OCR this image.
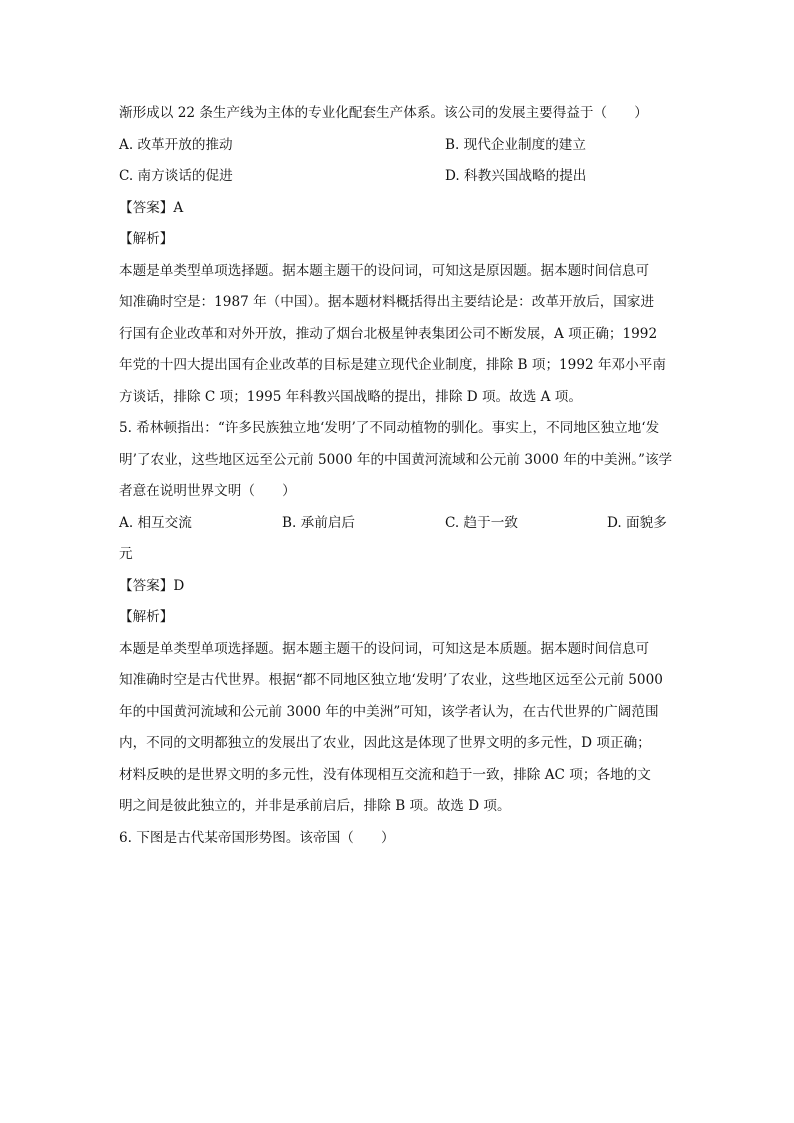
渐形成以 22 条生产线为主体的专业化配套生产体系。该公司的发展主要得益于（　　）
A. 改革开放的推动	B. 现代企业制度的建立
C. 南方谈话的促进	D. 科教兴国战略的提出
【答案】A
【解析】
本题是单类型单项选择题。据本题主题干的设问词，可知这是原因题。据本题时间信息可
知准确时空是：1987 年（中国）。据本题材料概括得出主要结论是：改革开放后，国家进
行国有企业改革和对外开放，推动了烟台北极星钟表集团公司不断发展，A 项正确；1992
年党的十四大提出国有企业改革的目标是建立现代企业制度，排除 B 项；1992 年邓小平南
方谈话，排除 C 项；1995 年科教兴国战略的提出，排除 D 项。故选 A 项。
5. 希林顿指出：“许多民族独立地‘发明’了不同动植物的驯化。事实上，不同地区独立地‘发
明’了农业，这些地区远至公元前 5000 年的中国黄河流域和公元前 3000 年的中美洲。”该学
者意在说明世界文明（　　）
A. 相互交流	B. 承前启后	C. 趋于一致	D. 面貌多
元
【答案】D
【解析】
本题是单类型单项选择题。据本题主题干的设问词，可知这是本质题。据本题时间信息可
知准确时空是古代世界。根据“都不同地区独立地‘发明’了农业，这些地区远至公元前 5000
年的中国黄河流域和公元前 3000 年的中美洲”可知，该学者认为，在古代世界的广阔范围
内，不同的文明都独立的发展出了农业，因此这是体现了世界文明的多元性，D 项正确；
材料反映的是世界文明的多元性，没有体现相互交流和趋于一致，排除 AC 项；各地的文
明之间是彼此独立的，并非是承前启后，排除 B 项。故选 D 项。
6. 下图是古代某帝国形势图。该帝国（　　）
